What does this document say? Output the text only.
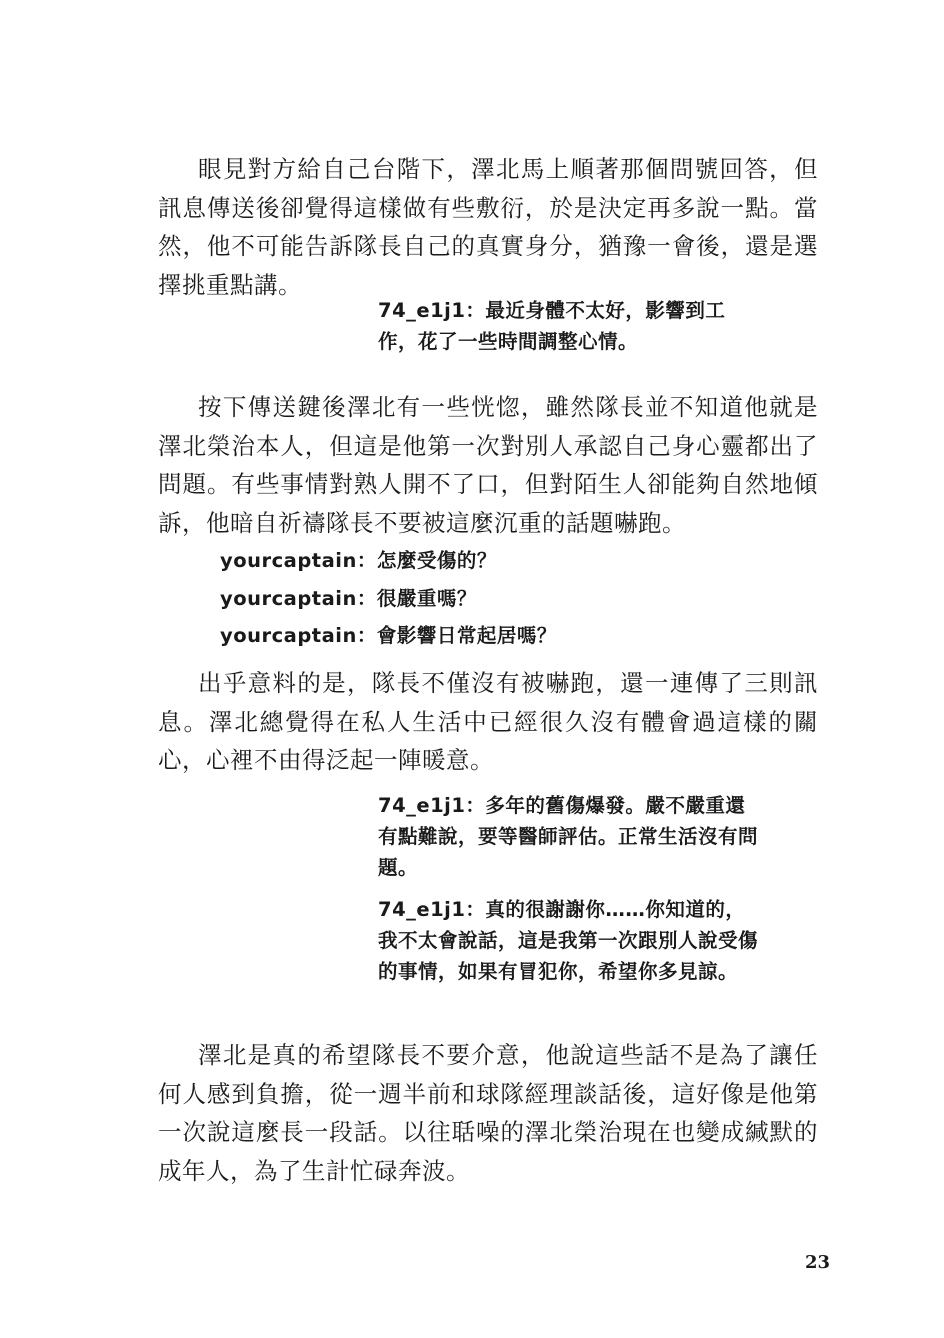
眼見對方給自己台階下，澤北馬上順著那個問號回答，但訊息傳送後卻覺得這樣做有些敷衍，於是決定再多說一點。當然，他不可能告訴隊長自己的真實身分，猶豫一會後，還是選擇挑重點講。

74_e1j1：最近身體不太好，影響到工作，花了一些時間調整心情。

按下傳送鍵後澤北有一些恍惚，雖然隊長並不知道他就是澤北榮治本人，但這是他第一次對別人承認自己身心靈都出了問題。有些事情對熟人開不了口，但對陌生人卻能夠自然地傾訴，他暗自祈禱隊長不要被這麼沉重的話題嚇跑。

yourcaptain：怎麼受傷的？

yourcaptain：很嚴重嗎？

yourcaptain：會影響日常起居嗎？

出乎意料的是，隊長不僅沒有被嚇跑，還一連傳了三則訊息。澤北總覺得在私人生活中已經很久沒有體會過這樣的關心，心裡不由得泛起一陣暖意。

74_e1j1：多年的舊傷爆發。嚴不嚴重還有點難說，要等醫師評估。正常生活沒有問題。

74_e1j1：真的很謝謝你……你知道的，我不太會說話，這是我第一次跟別人說受傷的事情，如果有冒犯你，希望你多見諒。

澤北是真的希望隊長不要介意，他說這些話不是為了讓任何人感到負擔，從一週半前和球隊經理談話後，這好像是他第一次說這麼長一段話。以往聒噪的澤北榮治現在也變成緘默的成年人，為了生計忙碌奔波。

23
